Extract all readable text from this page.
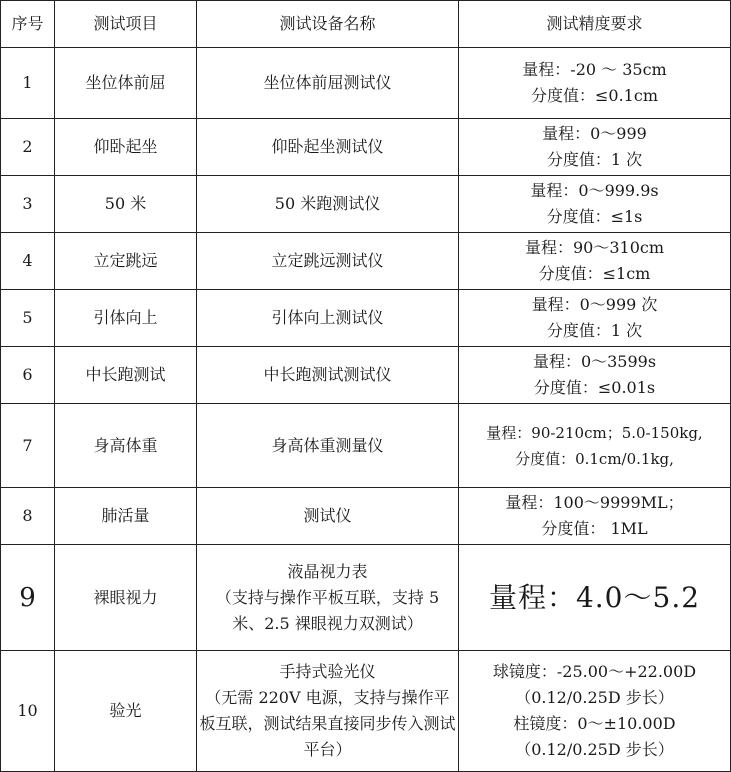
序号	测试项目	测试设备名称	测试精度要求
1	坐位体前屈	坐位体前屈测试仪	量程：-20 ～ 35cm
分度值：≤0.1cm

2	仰卧起坐	仰卧起坐测试仪	量程：0～999
分度值：1 次

3	50 米	50 米跑测试仪	量程：0～999.9s
分度值：≤1s

4	立定跳远	立定跳远测试仪	量程：90～310cm
分度值：≤1cm

5	引体向上	引体向上测试仪	量程：0～999 次
分度值：1 次

6	中长跑测试	中长跑测试测试仪	量程：0～3599s
分度值：≤0.01s

7	身高体重	身高体重测量仪	量程：90-210cm；5.0-150kg,
分度值：0.1cm/0.1kg,

8	肺活量	测试仪	量程：100～9999ML；
分度值： 1ML

9	裸眼视力	液晶视力表
（支持与操作平板互联，支持 5 米、2.5 裸眼视力双测试）	量程：4.0～5.2

10	验光	手持式验光仪
（无需 220V 电源，支持与操作平板互联，测试结果直接同步传入测试平台）	球镜度：-25.00～+22.00D
（0.12/0.25D 步长）
柱镜度：0～±10.00D
（0.12/0.25D 步长）
